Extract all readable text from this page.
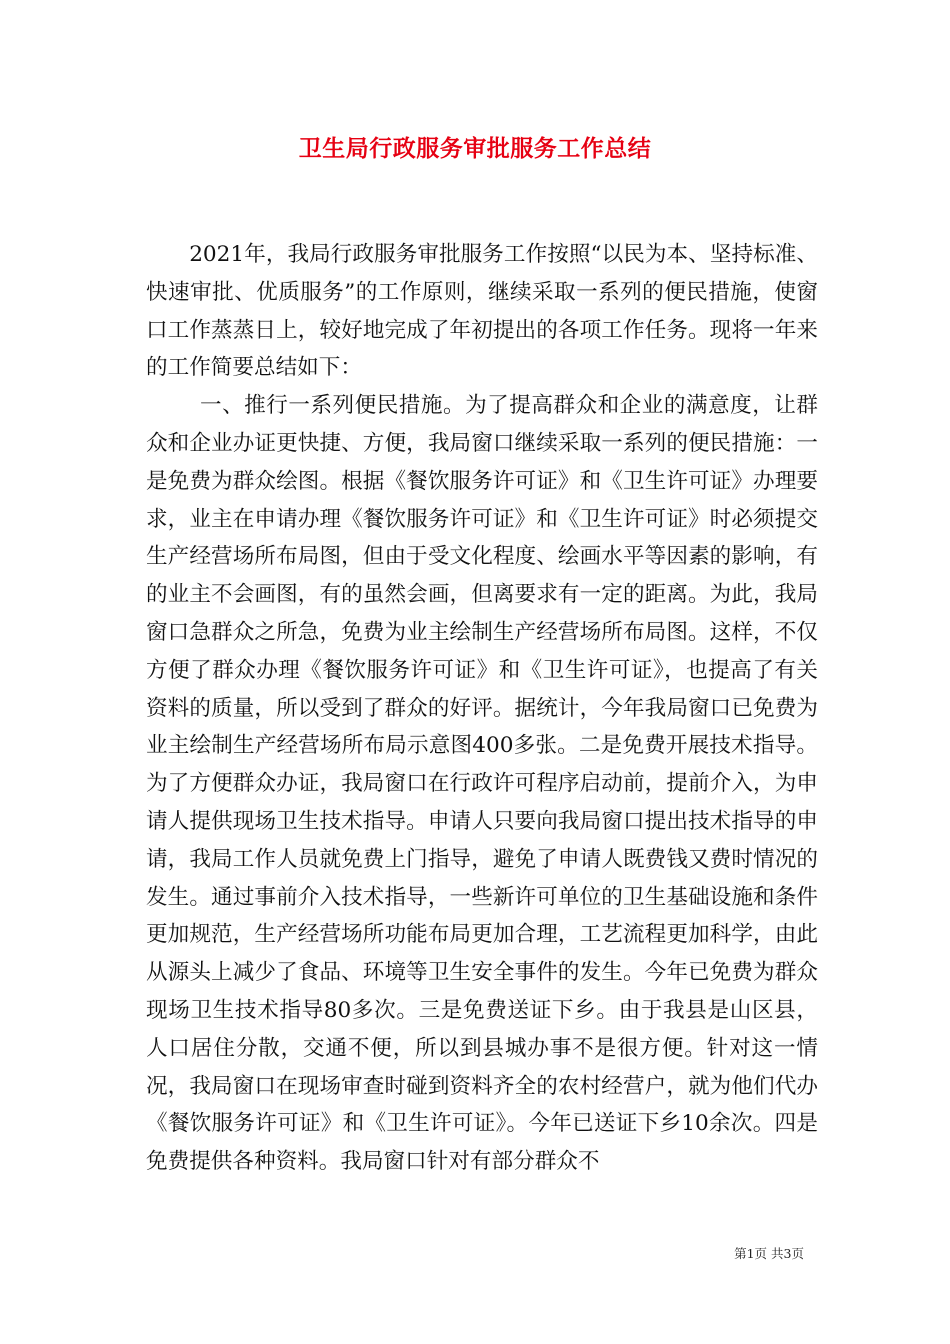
卫生局行政服务审批服务工作总结

2021年，我局行政服务审批服务工作按照“以民为本、坚持标准、快速审批、优质服务”的工作原则，继续采取一系列的便民措施，使窗口工作蒸蒸日上，较好地完成了年初提出的各项工作任务。现将一年来的工作简要总结如下：

一、推行一系列便民措施。为了提高群众和企业的满意度，让群众和企业办证更快捷、方便，我局窗口继续采取一系列的便民措施：一是免费为群众绘图。根据《餐饮服务许可证》和《卫生许可证》办理要求，业主在申请办理《餐饮服务许可证》和《卫生许可证》时必须提交生产经营场所布局图，但由于受文化程度、绘画水平等因素的影响，有的业主不会画图，有的虽然会画，但离要求有一定的距离。为此，我局窗口急群众之所急，免费为业主绘制生产经营场所布局图。这样，不仅方便了群众办理《餐饮服务许可证》和《卫生许可证》，也提高了有关资料的质量，所以受到了群众的好评。据统计，今年我局窗口已免费为业主绘制生产经营场所布局示意图400多张。二是免费开展技术指导。为了方便群众办证，我局窗口在行政许可程序启动前，提前介入，为申请人提供现场卫生技术指导。申请人只要向我局窗口提出技术指导的申请，我局工作人员就免费上门指导，避免了申请人既费钱又费时情况的发生。通过事前介入技术指导，一些新许可单位的卫生基础设施和条件更加规范，生产经营场所功能布局更加合理，工艺流程更加科学，由此从源头上减少了食品、环境等卫生安全事件的发生。今年已免费为群众现场卫生技术指导80多次。三是免费送证下乡。由于我县是山区县，人口居住分散，交通不便，所以到县城办事不是很方便。针对这一情况，我局窗口在现场审查时碰到资料齐全的农村经营户，就为他们代办《餐饮服务许可证》和《卫生许可证》。今年已送证下乡10余次。四是免费提供各种资料。我局窗口针对有部分群众不

第1页 共3页
